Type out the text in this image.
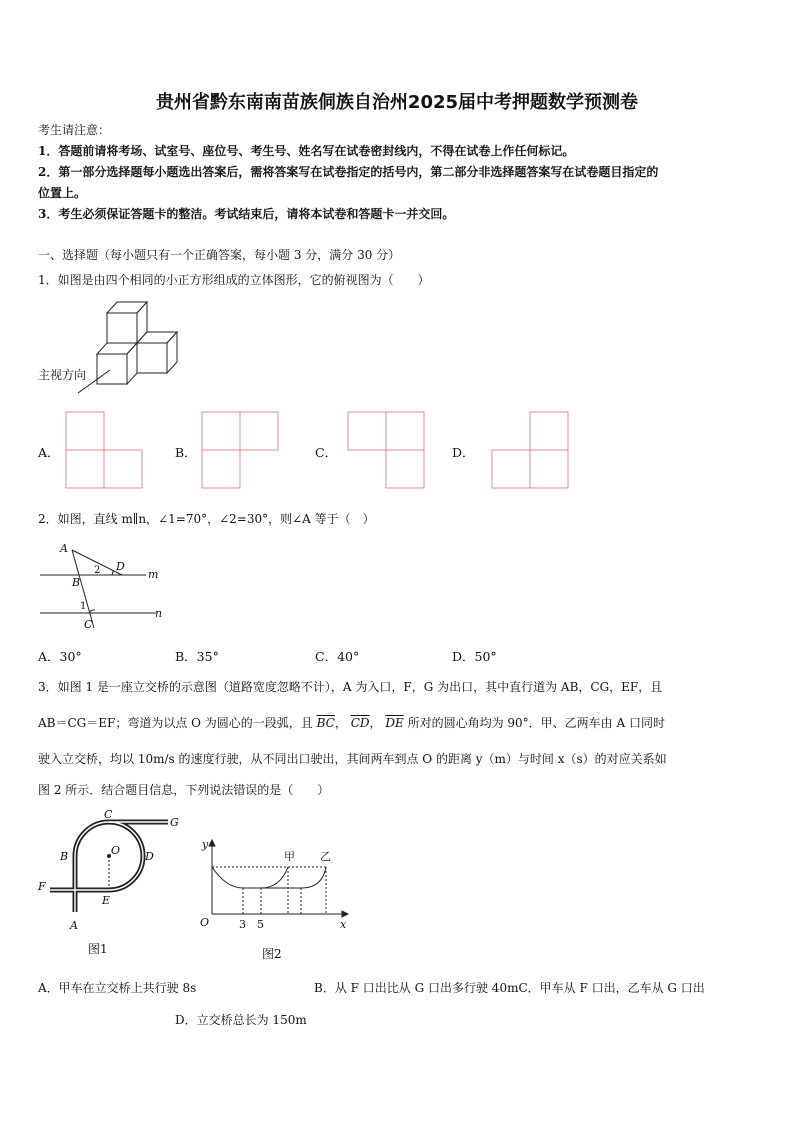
贵州省黔东南南苗族侗族自治州2025届中考押题数学预测卷
考生请注意：
1．答题前请将考场、试室号、座位号、考生号、姓名写在试卷密封线内，不得在试卷上作任何标记。
2．第一部分选择题每小题选出答案后，需将答案写在试卷指定的括号内，第二部分非选择题答案写在试卷题目指定的
位置上。
3．考生必须保证答题卡的整洁。考试结束后，请将本试卷和答题卡一并交回。
一、选择题（每小题只有一个正确答案，每小题 3 分，满分 30 分）
1．如图是由四个相同的小正方形组成的立体图形，它的俯视图为（　　）
主视方向
A．	B．	C．	D．
2．如图，直线 m∥n，∠1=70°，∠2=30°，则∠A 等于（　）
A
D
B
m
n
C
1
2
A．30°	B．35°	C．40°	D．50°
3．如图 1 是一座立交桥的示意图（道路宽度忽略不计），A 为入口，F，G 为出口，其中直行道为 AB，CG，EF，且
AB＝CG＝EF；弯道为以点 O 为圆心的一段弧，且 $\overline{BC}$， $\overline{CD}$， $\overline{DE}$ 所对的圆心角均为 90°．甲、乙两车由 A 口同时
驶入立交桥，均以 10m/s 的速度行驶，从不同出口驶出，其间两车到点 O 的距离 y（m）与时间 x（s）的对应关系如
图 2 所示．结合题目信息，下列说法错误的是（　　）
C
G
B	O D
F
E
A
图1
y
x
O	3 5
甲 乙
图2
A．甲车在立交桥上共行驶 8s	B．从 F 口出比从 G 口出多行驶 40mC．甲车从 F 口出，乙车从 G 口出
D．立交桥总长为 150m
